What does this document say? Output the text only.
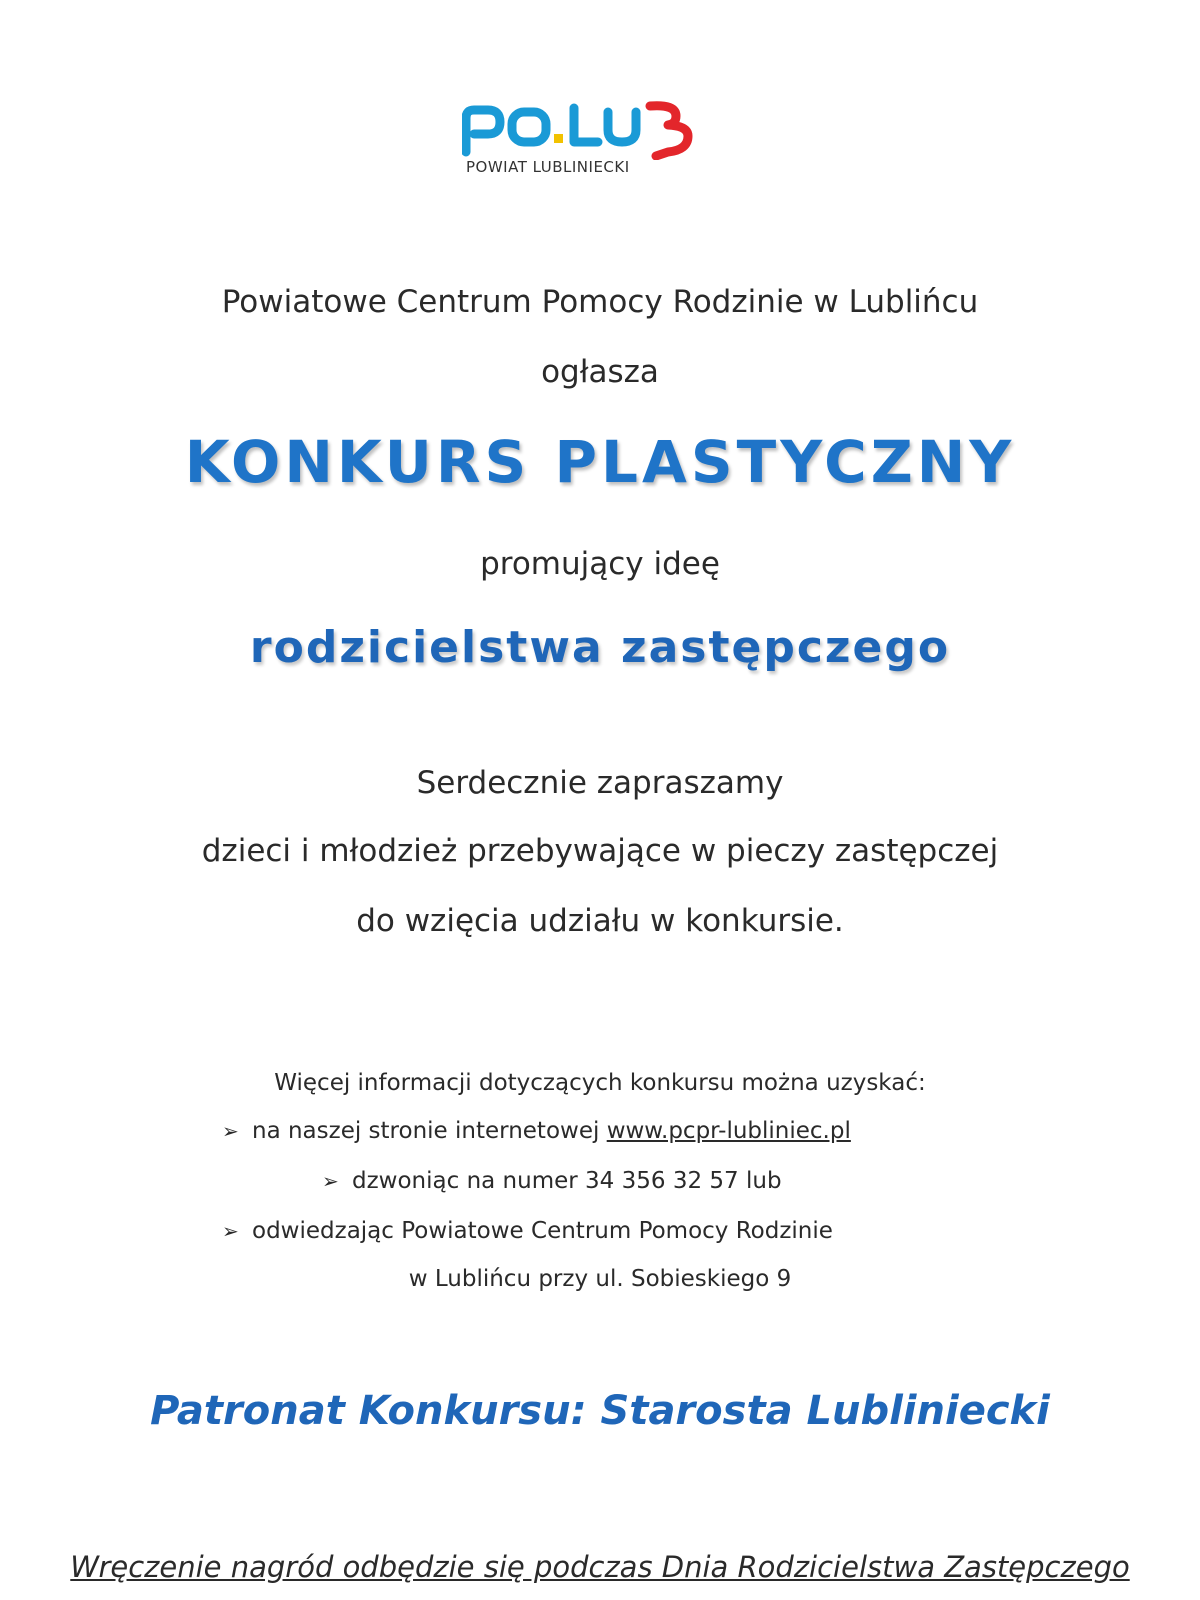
POWIAT LUBLINIECKI
Powiatowe Centrum Pomocy Rodzinie w Lublińcu
ogłasza
KONKURS PLASTYCZNY
promujący ideę
rodzicielstwa zastępczego
Serdecznie zapraszamy
dzieci i młodzież przebywające w pieczy zastępczej
do wzięcia udziału w konkursie.
Więcej informacji dotyczących konkursu można uzyskać:
➢ na naszej stronie internetowej www.pcpr-lubliniec.pl
➢ dzwoniąc na numer 34 356 32 57 lub
➢ odwiedzając Powiatowe Centrum Pomocy Rodzinie
w Lublińcu przy ul. Sobieskiego 9
Patronat Konkursu: Starosta Lubliniecki
Wręczenie nagród odbędzie się podczas Dnia Rodzicielstwa Zastępczego
